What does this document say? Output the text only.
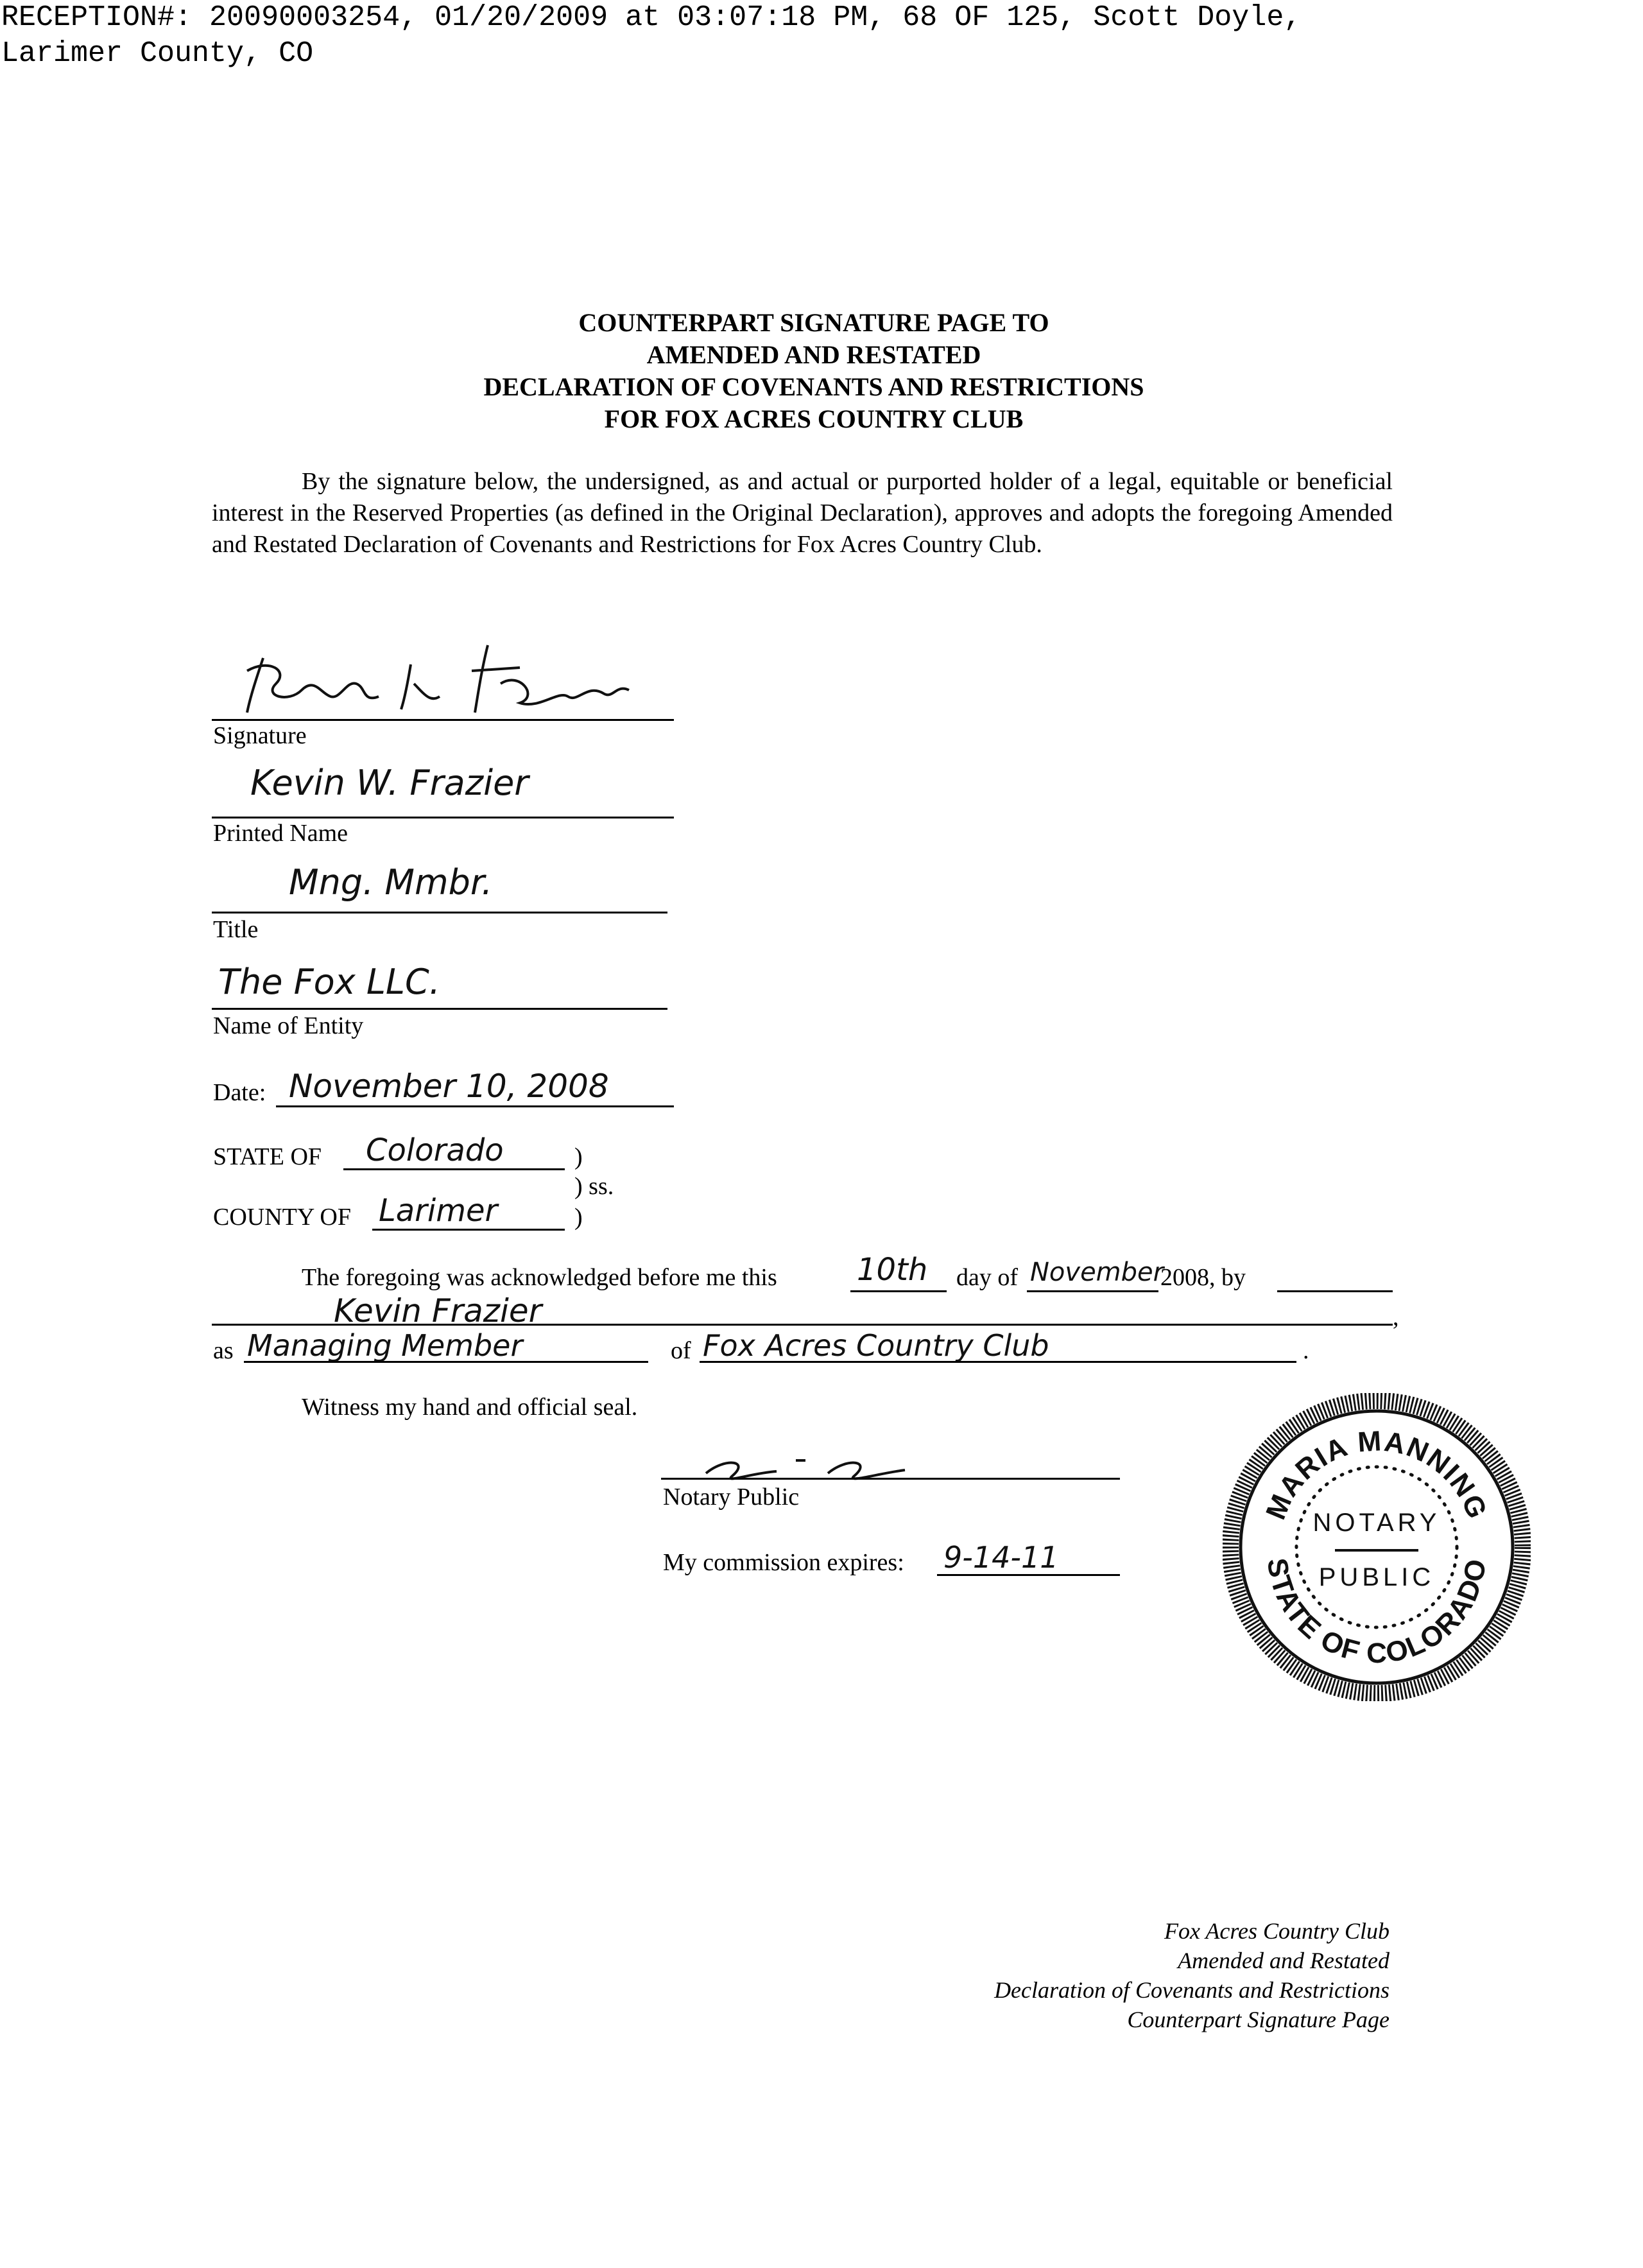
RECEPTION#: 20090003254, 01/20/2009 at 03:07:18 PM, 68 OF 125, Scott Doyle,
Larimer County, CO
COUNTERPART SIGNATURE PAGE TO
AMENDED AND RESTATED
DECLARATION OF COVENANTS AND RESTRICTIONS
FOR FOX ACRES COUNTRY CLUB
By the signature below, the undersigned, as and actual or purported holder of a legal, equitable or beneficial interest in the Reserved Properties (as defined in the Original Declaration), approves and adopts the foregoing Amended and Restated Declaration of Covenants and Restrictions for Fox Acres Country Club.
Signature
Kevin W. Frazier
Printed Name
Mng. Mmbr.
Title
The Fox LLC.
Name of Entity
Date: November 10, 2008
STATE OF Colorado	)
) ss.
COUNTY OF Larimer	)
The foregoing was acknowledged before me this	10th day of November
2008, by
Kevin Frazier	,
as Managing Member	of Fox Acres Country Club	.
Witness my hand and official seal.
Notary Public
My commission expires: 9-14-11
MARIA MANNING
STATE OF COLORADO
NOTARY
PUBLIC
Fox Acres Country Club
Amended and Restated
Declaration of Covenants and Restrictions
Counterpart Signature Page
